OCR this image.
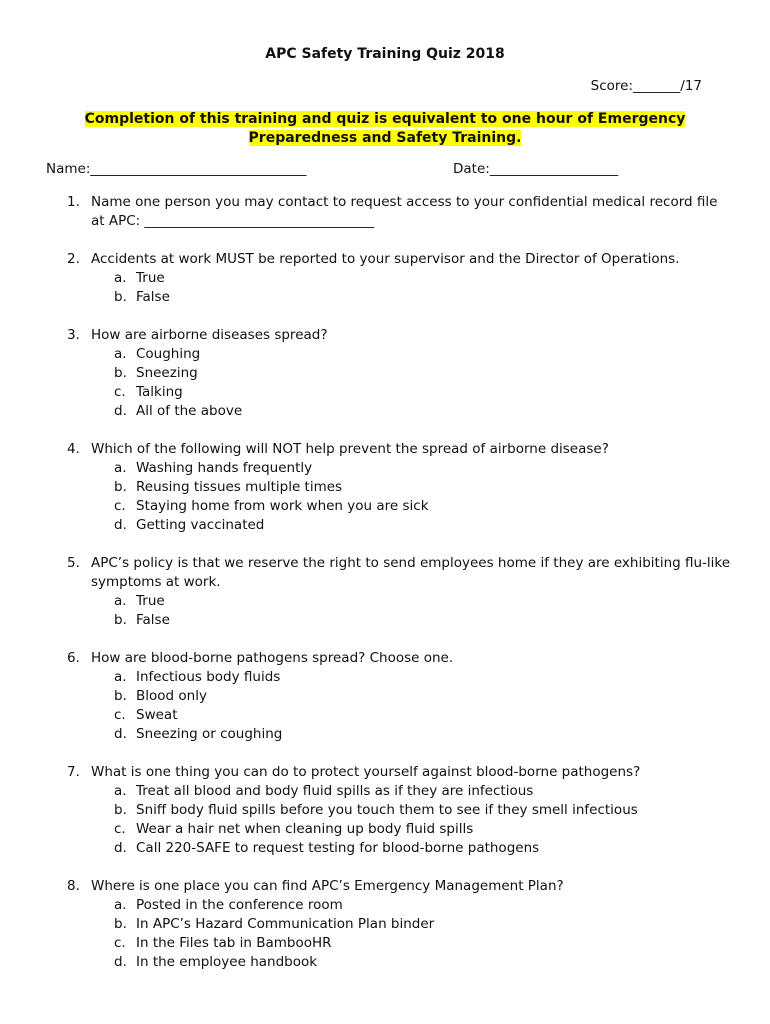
APC Safety Training Quiz 2018
Score:_______/17
Completion of this training and quiz is equivalent to one hour of Emergency Preparedness and Safety Training.
Name:________________________________	Date:___________________
1. Name one person you may contact to request access to your confidential medical record file at APC: __________________________________
2. Accidents at work MUST be reported to your supervisor and the Director of Operations.
a. True
b. False
3. How are airborne diseases spread?
a. Coughing
b. Sneezing
c. Talking
d. All of the above
4. Which of the following will NOT help prevent the spread of airborne disease?
a. Washing hands frequently
b. Reusing tissues multiple times
c. Staying home from work when you are sick
d. Getting vaccinated
5. APC’s policy is that we reserve the right to send employees home if they are exhibiting flu-like symptoms at work.
a. True
b. False
6. How are blood-borne pathogens spread? Choose one.
a. Infectious body fluids
b. Blood only
c. Sweat
d. Sneezing or coughing
7. What is one thing you can do to protect yourself against blood-borne pathogens?
a. Treat all blood and body fluid spills as if they are infectious
b. Sniff body fluid spills before you touch them to see if they smell infectious
c. Wear a hair net when cleaning up body fluid spills
d. Call 220-SAFE to request testing for blood-borne pathogens
8. Where is one place you can find APC’s Emergency Management Plan?
a. Posted in the conference room
b. In APC’s Hazard Communication Plan binder
c. In the Files tab in BambooHR
d. In the employee handbook
